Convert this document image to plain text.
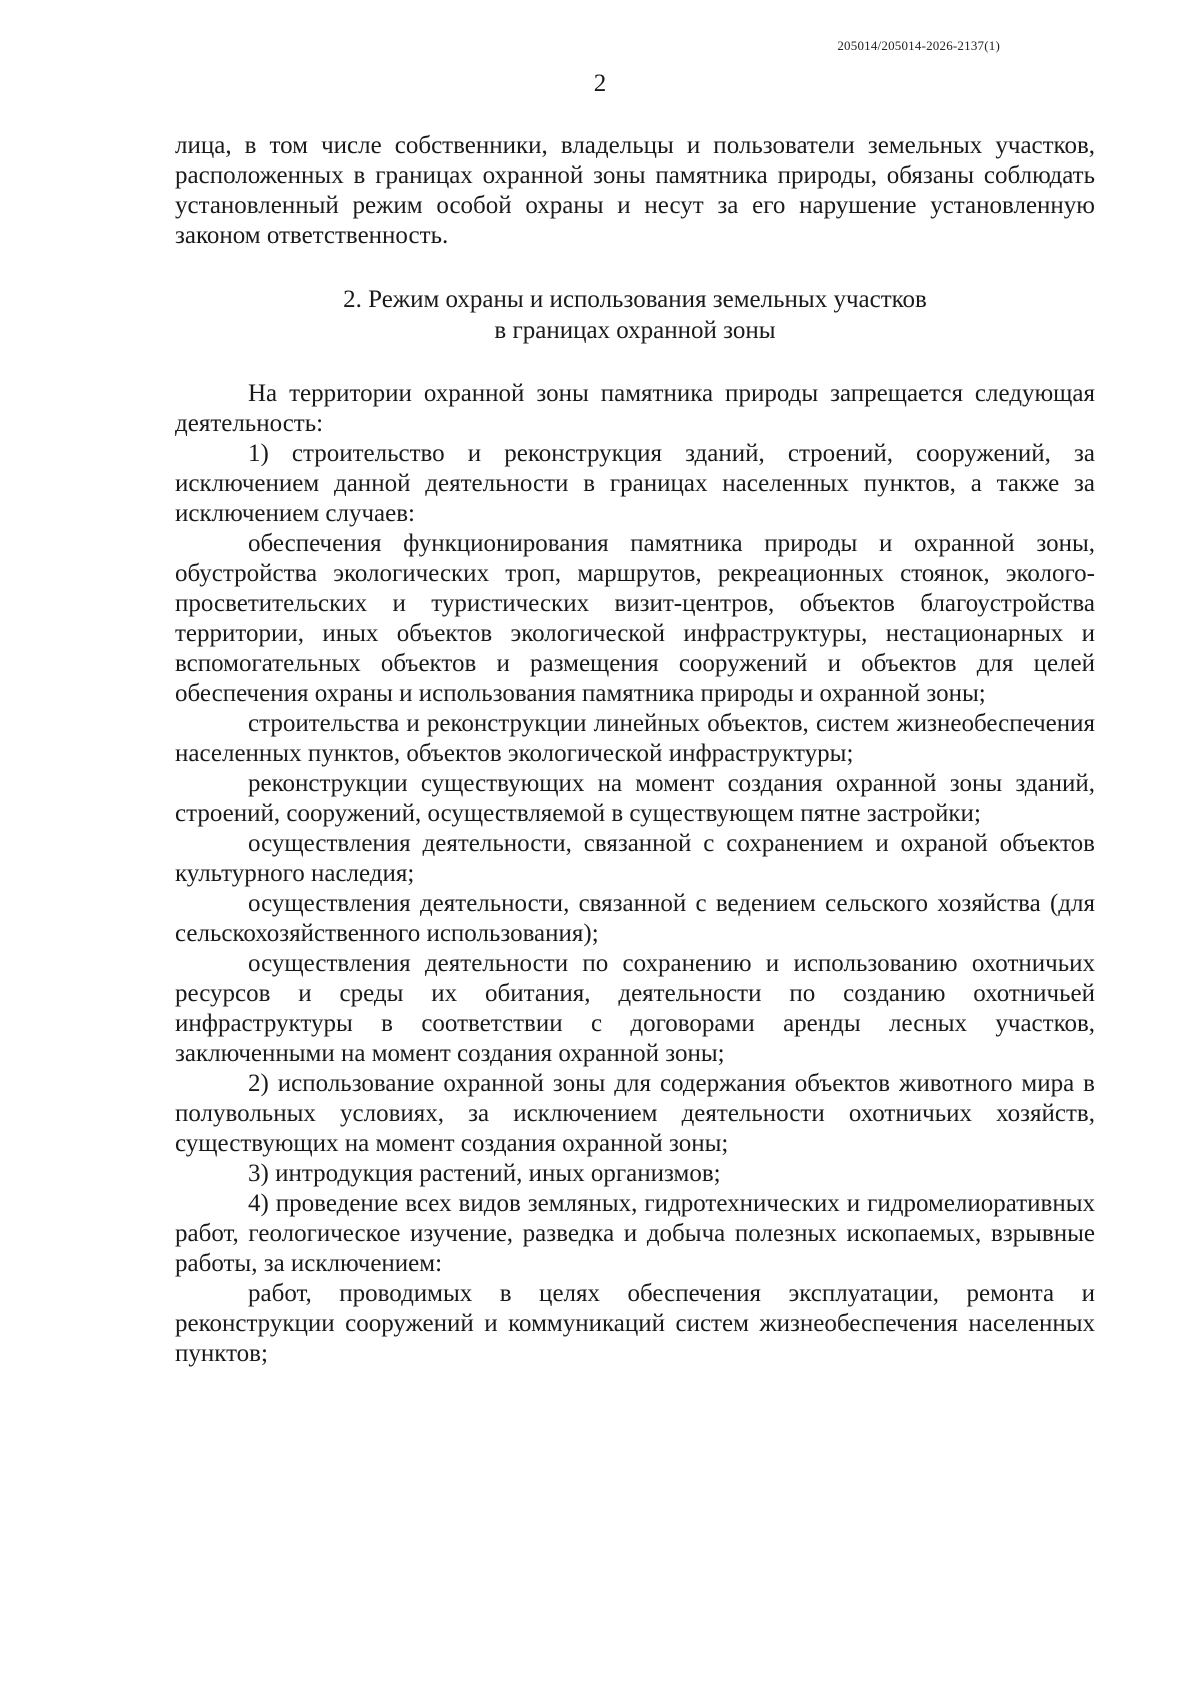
205014/205014-2026-2137(1)
2

лица, в том числе собственники, владельцы и пользователи земельных участков, расположенных в границах охранной зоны памятника природы, обязаны соблюдать установленный режим особой охраны и несут за его нарушение установленную законом ответственность.

2. Режим охраны и использования земельных участков
в границах охранной зоны

На территории охранной зоны памятника природы запрещается следующая деятельность:

1) строительство и реконструкция зданий, строений, сооружений, за исключением данной деятельности в границах населенных пунктов, а также за исключением случаев:

обеспечения функционирования памятника природы и охранной зоны, обустройства экологических троп, маршрутов, рекреационных стоянок, эколого-просветительских и туристических визит-центров, объектов благоустройства территории, иных объектов экологической инфраструктуры, нестационарных и вспомогательных объектов и размещения сооружений и объектов для целей обеспечения охраны и использования памятника природы и охранной зоны;

строительства и реконструкции линейных объектов, систем жизнеобеспечения населенных пунктов, объектов экологической инфраструктуры;

реконструкции существующих на момент создания охранной зоны зданий, строений, сооружений, осуществляемой в существующем пятне застройки;

осуществления деятельности, связанной с сохранением и охраной объектов культурного наследия;

осуществления деятельности, связанной с ведением сельского хозяйства (для сельскохозяйственного использования);

осуществления деятельности по сохранению и использованию охотничьих ресурсов и среды их обитания, деятельности по созданию охотничьей инфраструктуры в соответствии с договорами аренды лесных участков, заключенными на момент создания охранной зоны;

2) использование охранной зоны для содержания объектов животного мира в полувольных условиях, за исключением деятельности охотничьих хозяйств, существующих на момент создания охранной зоны;

3) интродукция растений, иных организмов;

4) проведение всех видов земляных, гидротехнических и гидромелиоративных работ, геологическое изучение, разведка и добыча полезных ископаемых, взрывные работы, за исключением:

работ, проводимых в целях обеспечения эксплуатации, ремонта и реконструкции сооружений и коммуникаций систем жизнеобеспечения населенных пунктов;
